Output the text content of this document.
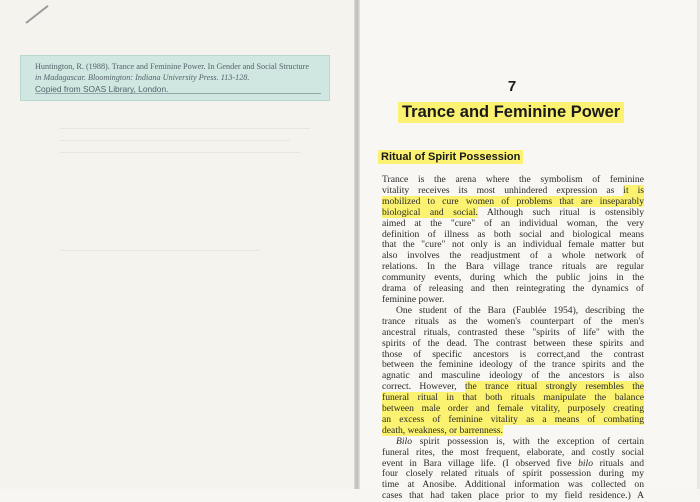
Huntington, R. (1988). Trance and Feminine Power. In Gender and Social Structure
in Madagascar. Bloomington: Indiana University Press. 113-128.
Copied from SOAS Library, London.	7
Trance and Feminine Power
Ritual of Spirit Possession
Trance is the arena where the symbolism of feminine
vitality receives its most unhindered expression as it is
mobilized to cure women of problems that are inseparably
biological and social. Although such ritual is ostensibly
aimed at the "cure" of an individual woman, the very
definition of illness as both social and biological means
that the "cure" not only is an individual female matter but
also involves the readjustment of a whole network of
relations. In the Bara village trance rituals are regular
community events, during which the public joins in the
drama of releasing and then reintegrating the dynamics of
feminine power.
One student of the Bara (Faublée 1954), describing the
trance rituals as the women's counterpart of the men's
ancestral rituals, contrasted these "spirits of life" with the
spirits of the dead. The contrast between these spirits and
those of specific ancestors is correct,and the contrast
between the feminine ideology of the trance spirits and the
agnatic and masculine ideology of the ancestors is also
correct. However, the trance ritual strongly resembles the
funeral ritual in that both rituals manipulate the balance
between male order and female vitality, purposely creating
an excess of feminine vitality as a means of combating
death, weakness, or barrenness.
Bilo spirit possession is, with the exception of certain
funeral rites, the most frequent, elaborate, and costly social
event in Bara village life. (I observed five bilo rituals and
four closely related rituals of spirit possession during my
time at Anosibe. Additional information was collected on
cases that had taken place prior to my field residence.) A
